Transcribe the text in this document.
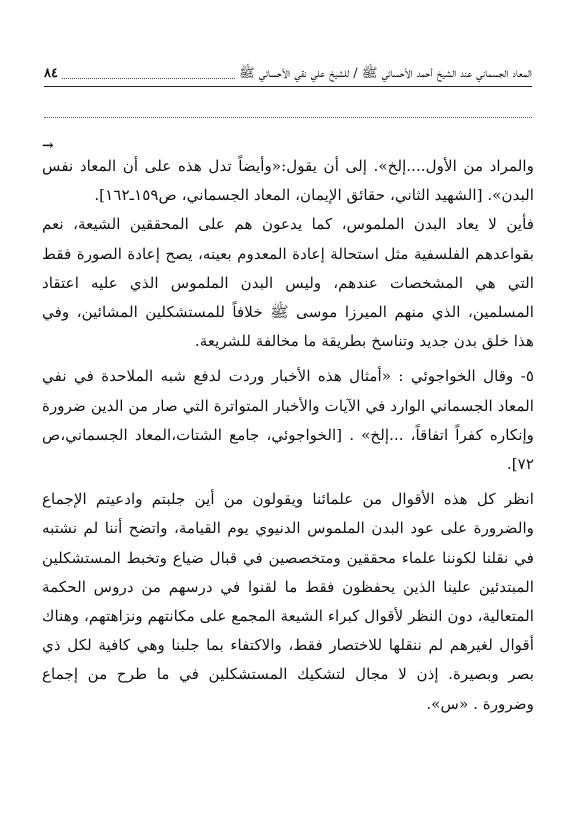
المعاد الجسماني عند الشيخ أحمد الأحسائي ﷺ / للشيخ علي نقي الأحسائي ﷺ
٨٤
→

والمراد من الأول....إلخ». إلى أن يقول:«وأيضاً تدل هذه على أن المعاد نفس البدن». [الشهيد الثاني، حقائق الإيمان، المعاد الجسماني، ص١٥٩ـ١٦٢].

فأين لا يعاد البدن الملموس، كما يدعون هم على المحققين الشيعة، نعم بقواعدهم الفلسفية مثل استحالة إعادة المعدوم بعينه، يصح إعادة الصورة فقط التي هي المشخصات عندهم، وليس البدن الملموس الذي عليه اعتقاد المسلمين، الذي منهم الميرزا موسى ﷺ خلافاً للمستشكلين المشائين، وفي هذا خلق بدن جديد وتناسخ بطريقة ما مخالفة للشريعة.

٥- وقال الخواجوئي : «أمثال هذه الأخبار وردت لدفع شبه الملاحدة في نفي المعاد الجسماني الوارد في الآيات والأخبار المتواترة التي صار من الدين ضرورة وإنكاره كفراً اتفاقاً، ...إلخ» . [الخواجوئي، جامع الشتات،المعاد الجسماني،ص ٧٢].

انظر كل هذه الأقوال من علمائنا ويقولون من أين جلبتم وادعيتم الإجماع والضرورة على عود البدن الملموس الدنيوي يوم القيامة، واتضح أننا لم نشتبه في نقلنا لكوننا علماء محققين ومتخصصين في قبال ضياع وتخبط المستشكلين المبتدئين علينا الذين يحفظون فقط ما لقنوا في درسهم من دروس الحكمة المتعالية، دون النظر لأقوال كبراء الشيعة المجمع على مكانتهم ونزاهتهم، وهناك أقوال لغيرهم لم ننقلها للاختصار فقط، والاكتفاء بما جلبنا وهي كافية لكل ذي بصر وبصيرة. إذن لا مجال لتشكيك المستشكلين في ما طرح من إجماع وضرورة . «س».
